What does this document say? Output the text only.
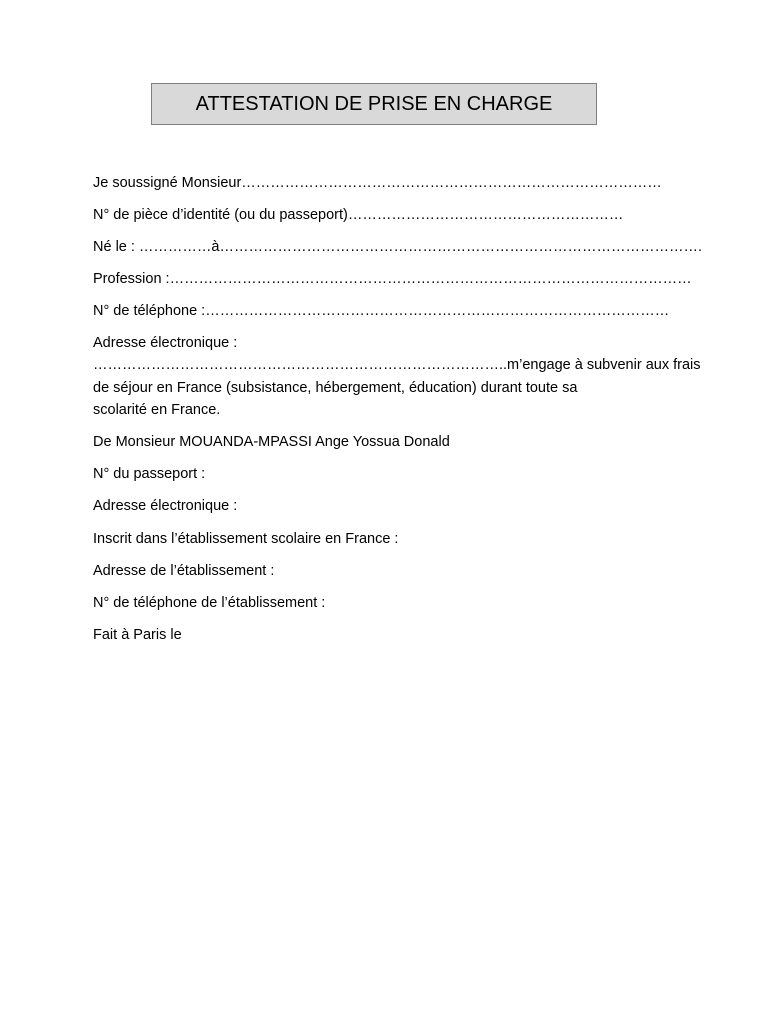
ATTESTATION DE PRISE EN CHARGE
Je soussigné Monsieur……………………………………………………………………………
N° de pièce d’identité (ou du passeport)…………………………………………………
Né le : ……………à……………………………………………………………………………………….
Profession :………………………………………………………………………………………………
N° de téléphone :……………………………………………………………………………………
Adresse électronique :
…………………………………………………………………………..m’engage à subvenir aux frais
de séjour en France (subsistance, hébergement, éducation) durant toute sa
scolarité en France.
De Monsieur MOUANDA-MPASSI Ange Yossua Donald
N° du passeport :
Adresse électronique :
Inscrit dans l’établissement scolaire en France :
Adresse de l’établissement :
N° de téléphone de l’établissement :
Fait à Paris le
